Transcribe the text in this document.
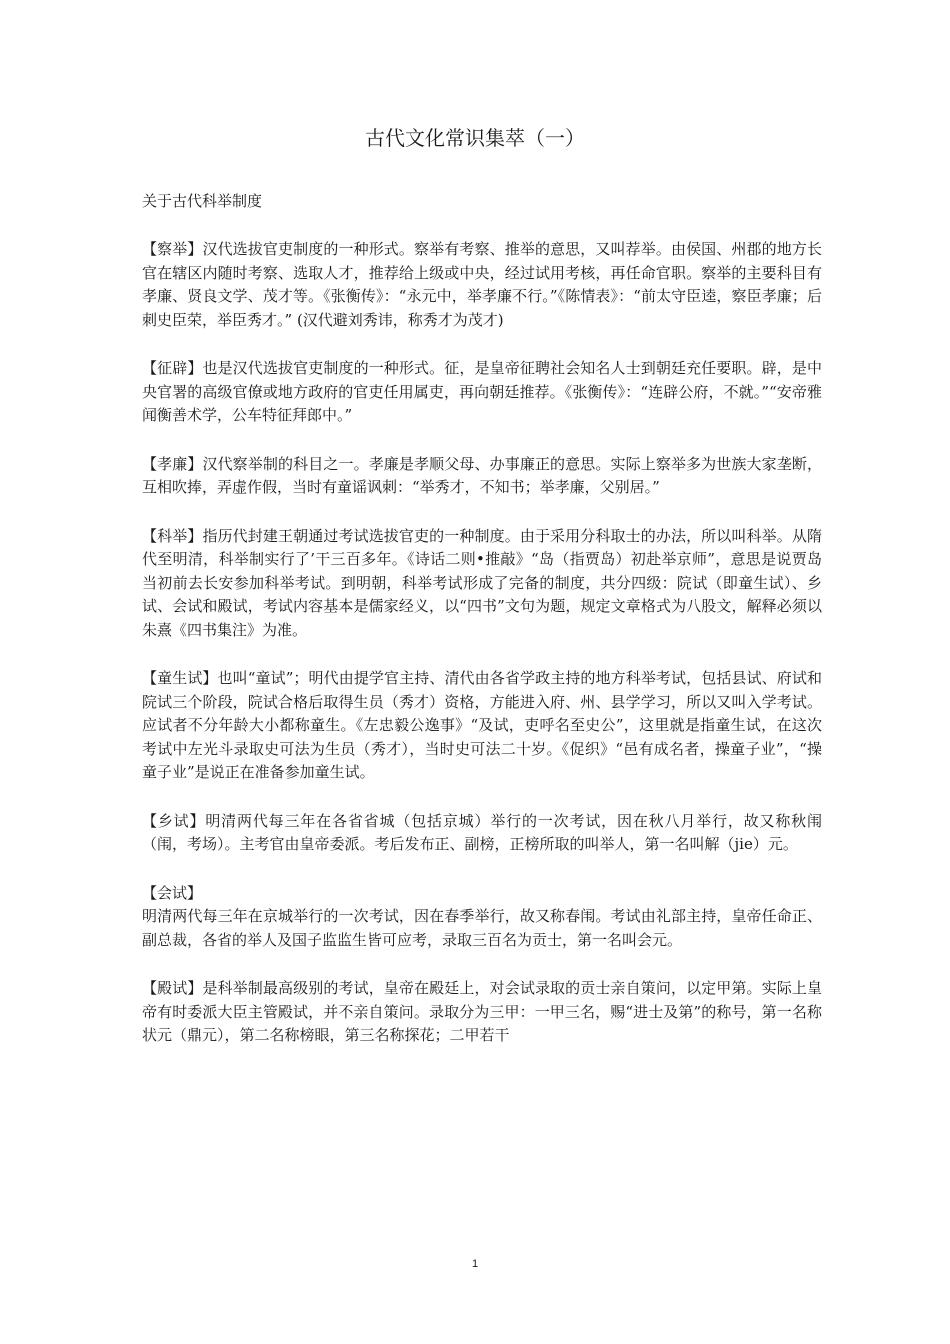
古代文化常识集萃（一）
关于古代科举制度

【察举】汉代选拔官吏制度的一种形式。察举有考察、推举的意思，又叫荐举。由侯国、州郡的地方长官在辖区内随时考察、选取人才，推荐给上级或中央，经过试用考核，再任命官职。察举的主要科目有孝廉、贤良文学、茂才等。《张衡传》：“永元中，举孝廉不行。”《陈情表》：“前太守臣逵，察臣孝廉；后刺史臣荣，举臣秀才。” (汉代避刘秀讳，称秀才为茂才)

【征辟】也是汉代选拔官吏制度的一种形式。征，是皇帝征聘社会知名人士到朝廷充任要职。辟，是中央官署的高级官僚或地方政府的官吏任用属吏，再向朝廷推荐。《张衡传》：“连辟公府，不就。”“安帝雅闻衡善术学，公车特征拜郎中。”

【孝廉】汉代察举制的科目之一。孝廉是孝顺父母、办事廉正的意思。实际上察举多为世族大家垄断，互相吹捧，弄虚作假，当时有童谣讽刺：“举秀才，不知书；举孝廉，父别居。”

【科举】指历代封建王朝通过考试选拔官吏的一种制度。由于采用分科取士的办法，所以叫科举。从隋代至明清，科举制实行了’干三百多年。《诗话二则•推敲》“岛（指贾岛）初赴举京师”，意思是说贾岛当初前去长安参加科举考试。到明朝，科举考试形成了完备的制度，共分四级：院试（即童生试）、乡试、会试和殿试，考试内容基本是儒家经义，以“四书”文句为题，规定文章格式为八股文，解释必须以朱熹《四书集注》为准。

【童生试】也叫“童试”；明代由提学官主持、清代由各省学政主持的地方科举考试，包括县试、府试和院试三个阶段，院试合格后取得生员（秀才）资格，方能进入府、州、县学学习，所以又叫入学考试。应试者不分年龄大小都称童生。《左忠毅公逸事》“及试，吏呼名至史公”，这里就是指童生试，在这次考试中左光斗录取史可法为生员（秀才），当时史可法二十岁。《促织》“邑有成名者，操童子业”，“操童子业”是说正在准备参加童生试。

【乡试】明清两代每三年在各省省城（包括京城）举行的一次考试，因在秋八月举行，故又称秋闱（闱，考场）。主考官由皇帝委派。考后发布正、副榜，正榜所取的叫举人，第一名叫解（jie）元。

【会试】

明清两代每三年在京城举行的一次考试，因在春季举行，故又称春闱。考试由礼部主持，皇帝任命正、副总裁，各省的举人及国子监监生皆可应考，录取三百名为贡士，第一名叫会元。

【殿试】是科举制最高级别的考试，皇帝在殿廷上，对会试录取的贡士亲自策问，以定甲第。实际上皇帝有时委派大臣主管殿试，并不亲自策问。录取分为三甲：一甲三名，赐“进士及第”的称号，第一名称状元（鼎元），第二名称榜眼，第三名称探花；二甲若干

1
